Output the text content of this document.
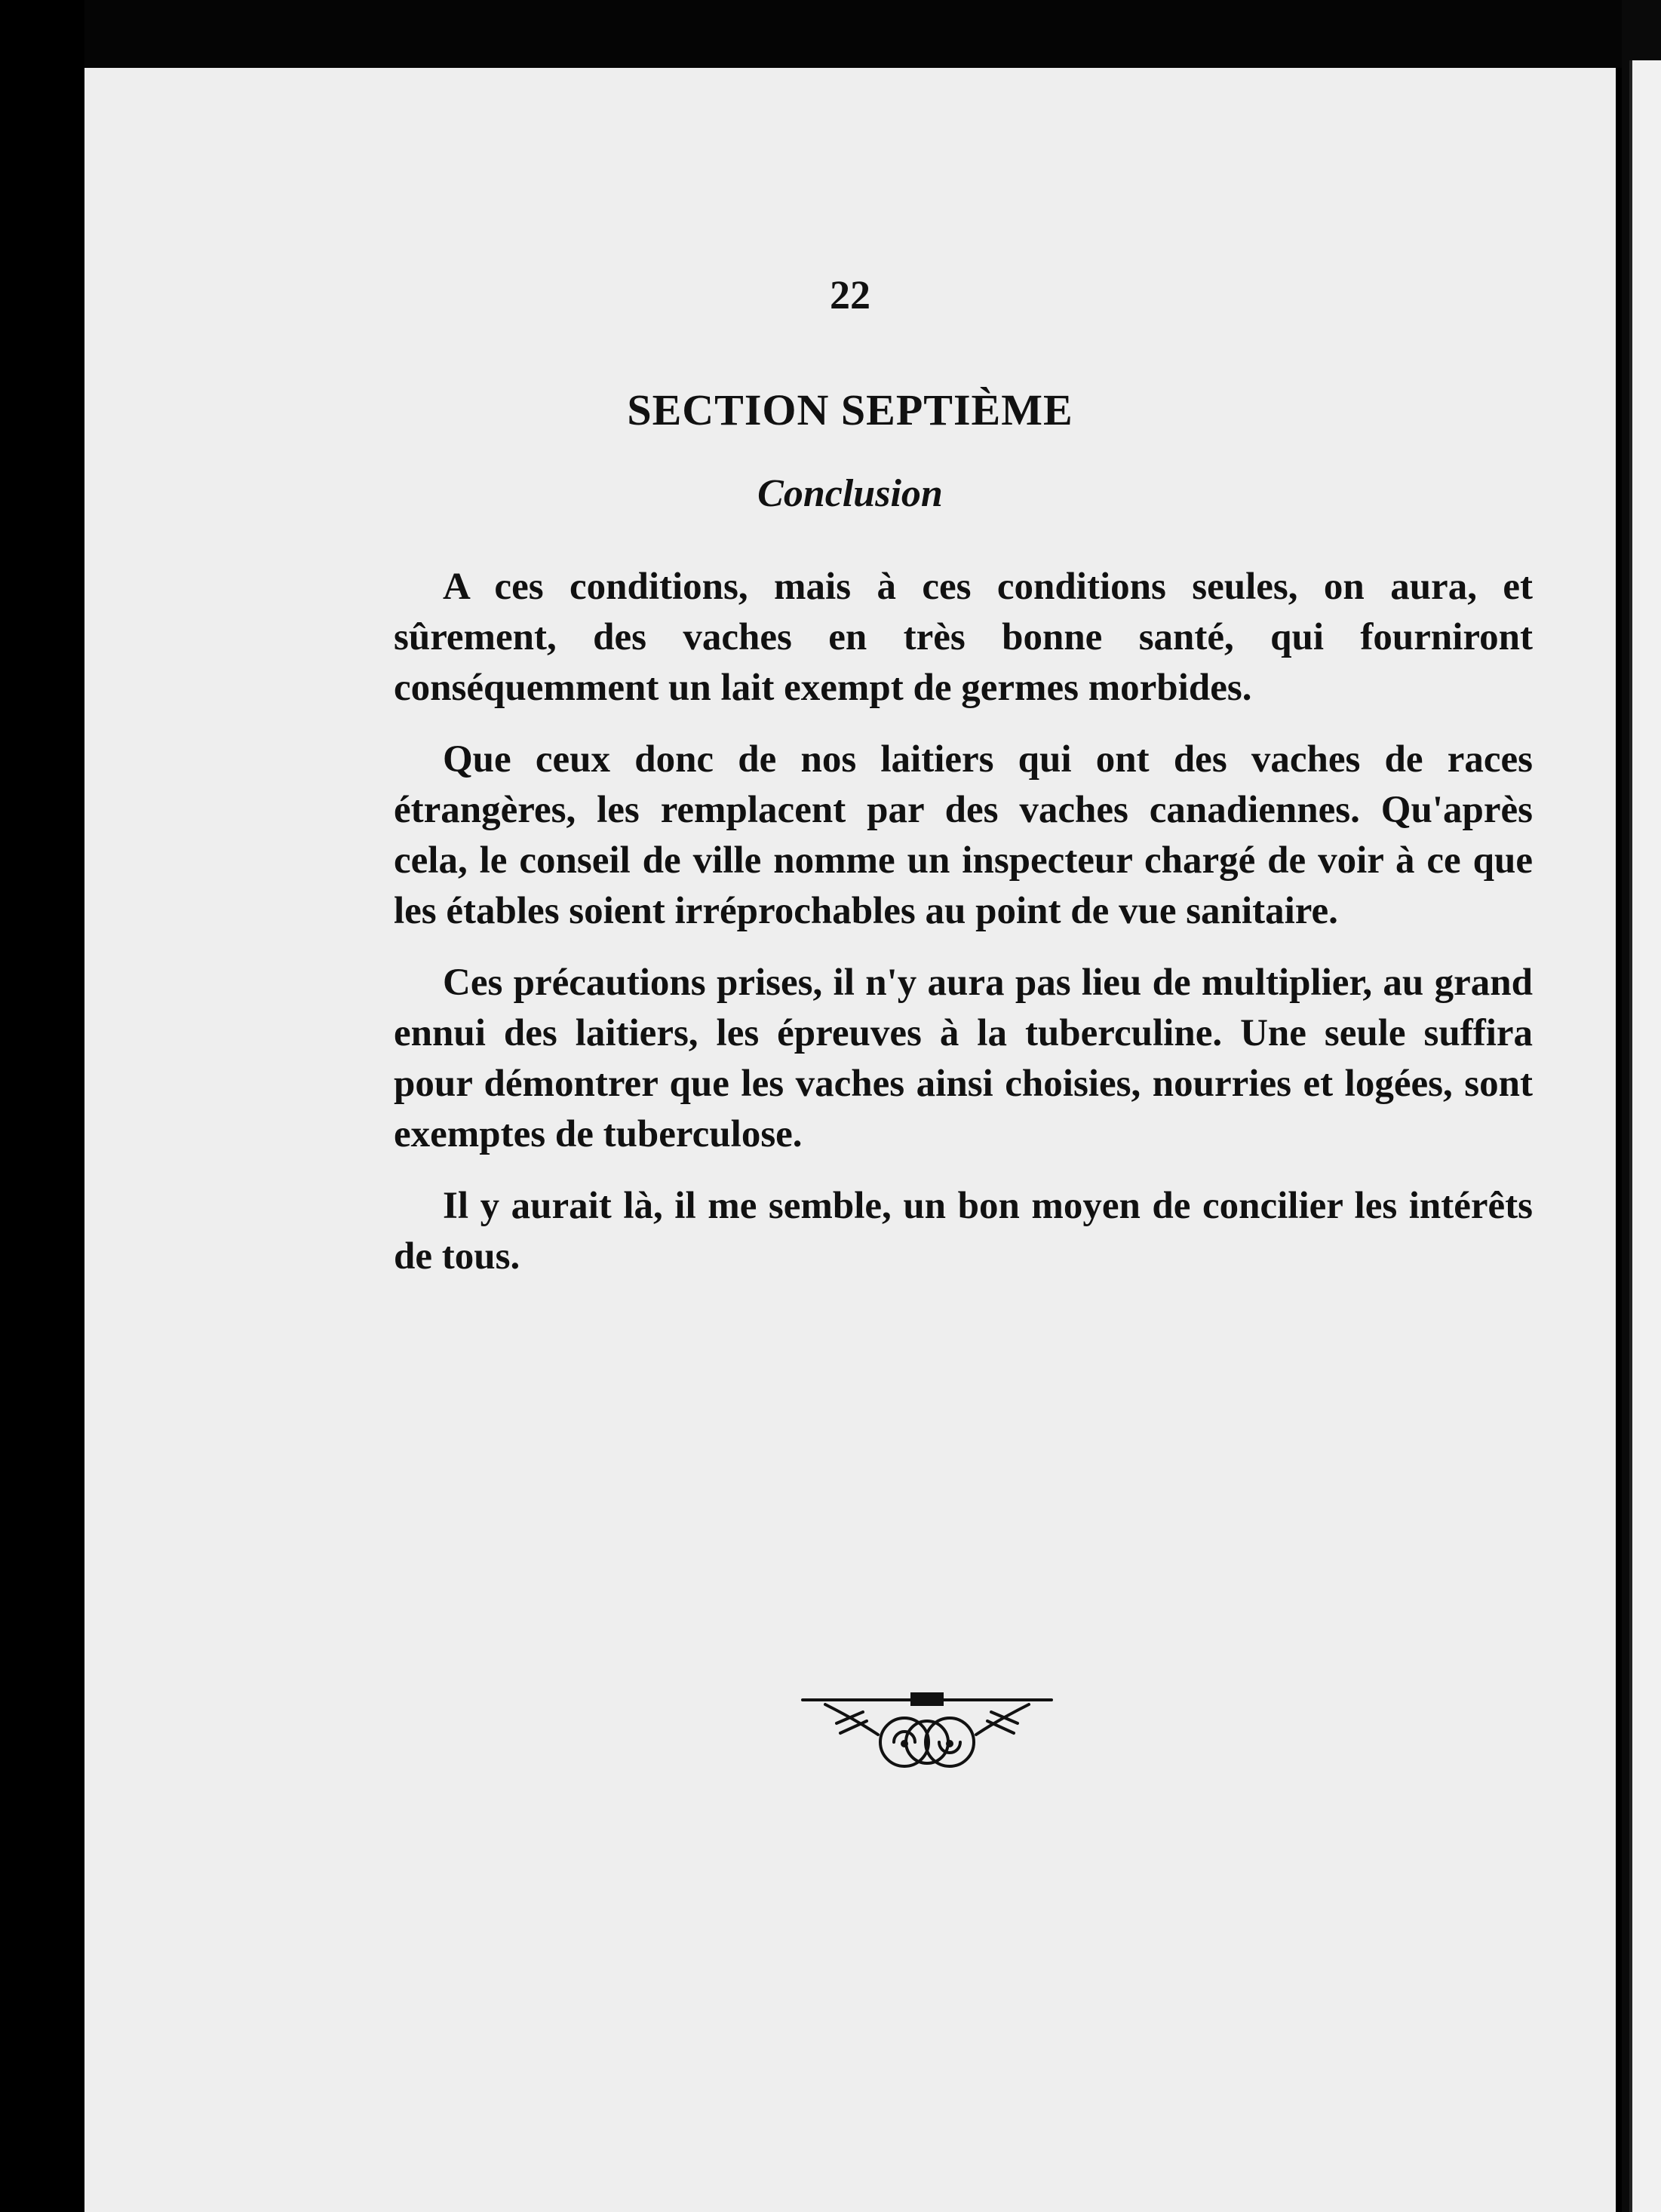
22
SECTION SEPTIÈME
Conclusion

A ces conditions, mais à ces conditions seules, on aura, et sûrement, des vaches en très bonne santé, qui fourniront conséquemment un lait exempt de germes morbides.

Que ceux donc de nos laitiers qui ont des vaches de races étrangères, les remplacent par des vaches canadiennes. Qu'après cela, le conseil de ville nomme un inspecteur chargé de voir à ce que les étables soient irréprochables au point de vue sanitaire.

Ces précautions prises, il n'y aura pas lieu de multiplier, au grand ennui des laitiers, les épreuves à la tuberculine. Une seule suffira pour démontrer que les vaches ainsi choisies, nourries et logées, sont exemptes de tuberculose.

Il y aurait là, il me semble, un bon moyen de concilier les intérêts de tous.
